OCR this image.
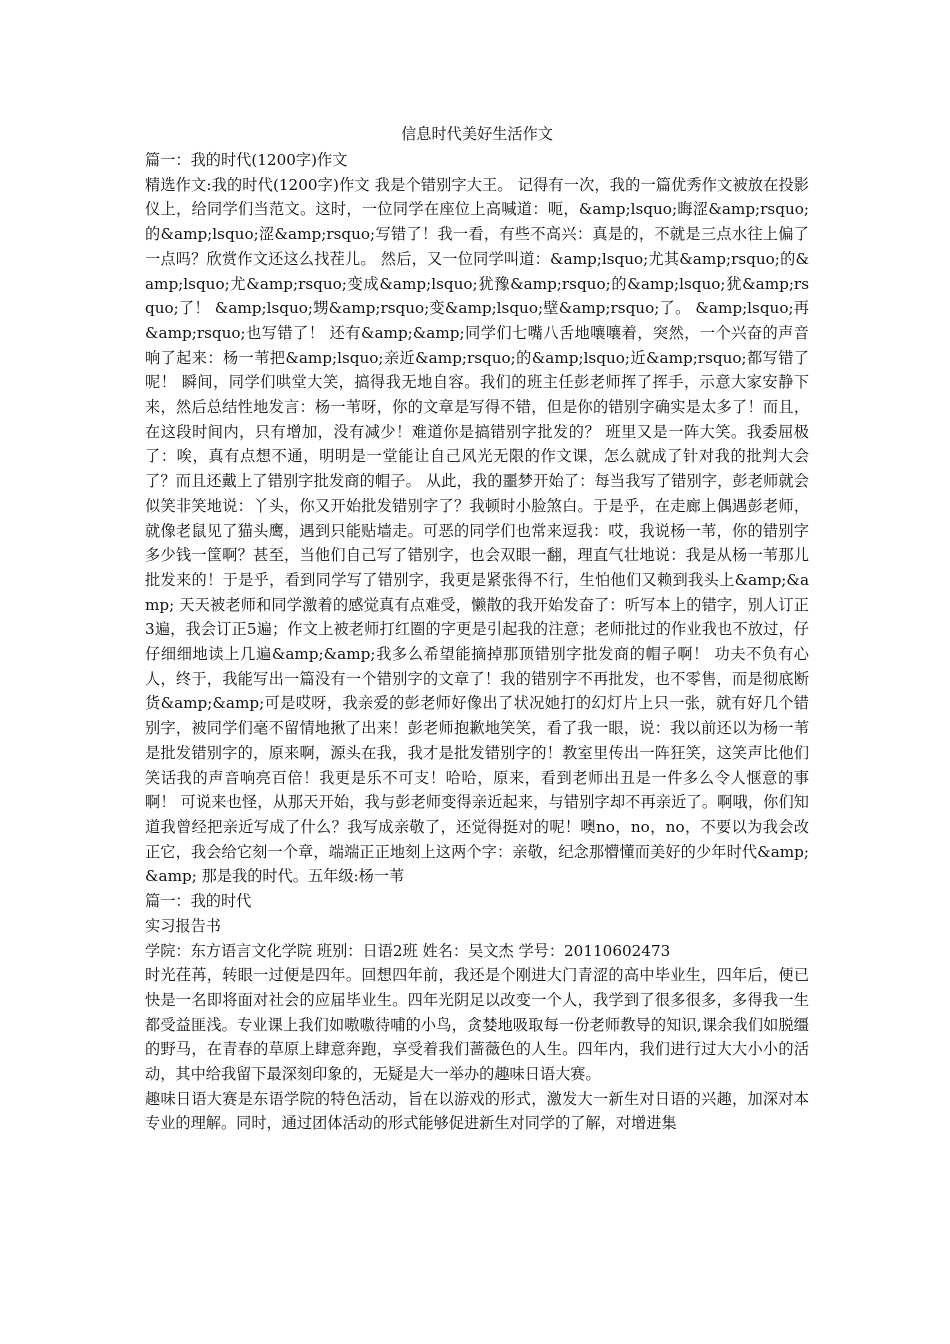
信息时代美好生活作文

篇一：我的时代(1200字)作文

精选作文:我的时代(1200字)作文 我是个错别字大王。 记得有一次，我的一篇优秀作文被放在投影仪上，给同学们当范文。这时，一位同学在座位上高喊道：呃，&amp;lsquo;晦涩&amp;rsquo;的&amp;lsquo;涩&amp;rsquo;写错了！我一看，有些不高兴：真是的，不就是三点水往上偏了一点吗？欣赏作文还这么找茬儿。 然后，又一位同学叫道：&amp;lsquo;尤其&amp;rsquo;的&amp;lsquo;尤&amp;rsquo;变成&amp;lsquo;犹豫&amp;rsquo;的&amp;lsquo;犹&amp;rsquo;了！ &amp;lsquo;甥&amp;rsquo;变&amp;lsquo;壁&amp;rsquo;了。 &amp;lsquo;再&amp;rsquo;也写错了！ 还有&amp;&amp;同学们七嘴八舌地嚷嚷着，突然，一个兴奋的声音响了起来：杨一苇把&amp;lsquo;亲近&amp;rsquo;的&amp;lsquo;近&amp;rsquo;都写错了呢！ 瞬间，同学们哄堂大笑，搞得我无地自容。我们的班主任彭老师挥了挥手，示意大家安静下来，然后总结性地发言：杨一苇呀，你的文章是写得不错，但是你的错别字确实是太多了！而且，在这段时间内，只有增加，没有减少！难道你是搞错别字批发的？ 班里又是一阵大笑。我委屈极了：唉，真有点想不通，明明是一堂能让自己风光无限的作文课，怎么就成了针对我的批判大会了？而且还戴上了错别字批发商的帽子。 从此，我的噩梦开始了：每当我写了错别字，彭老师就会似笑非笑地说：丫头，你又开始批发错别字了？我顿时小脸煞白。于是乎，在走廊上偶遇彭老师，就像老鼠见了猫头鹰，遇到只能贴墙走。可恶的同学们也常来逗我：哎，我说杨一苇，你的错别字多少钱一筐啊？甚至，当他们自己写了错别字，也会双眼一翻，理直气壮地说：我是从杨一苇那儿批发来的！于是乎，看到同学写了错别字，我更是紧张得不行，生怕他们又赖到我头上&amp;&amp; 天天被老师和同学激着的感觉真有点难受，懒散的我开始发奋了：听写本上的错字，别人订正3遍，我会订正5遍；作文上被老师打红圈的字更是引起我的注意；老师批过的作业我也不放过，仔仔细细地读上几遍&amp;&amp;我多么希望能摘掉那顶错别字批发商的帽子啊！ 功夫不负有心人，终于，我能写出一篇没有一个错别字的文章了！我的错别字不再批发，也不零售，而是彻底断货&amp;&amp;可是哎呀，我亲爱的彭老师好像出了状况她打的幻灯片上只一张，就有好几个错别字，被同学们毫不留情地揪了出来！彭老师抱歉地笑笑，看了我一眼，说：我以前还以为杨一苇是批发错别字的，原来啊，源头在我，我才是批发错别字的！教室里传出一阵狂笑，这笑声比他们笑话我的声音响亮百倍！我更是乐不可支！哈哈，原来，看到老师出丑是一件多么令人惬意的事啊！ 可说来也怪，从那天开始，我与彭老师变得亲近起来，与错别字却不再亲近了。啊哦，你们知道我曾经把亲近写成了什么？我写成亲敬了，还觉得挺对的呢！噢no，no，no，不要以为我会改正它，我会给它刻一个章，端端正正地刻上这两个字：亲敬，纪念那懵懂而美好的少年时代&amp;&amp; 那是我的时代。五年级:杨一苇

篇一：我的时代

实习报告书

学院：东方语言文化学院 班别：日语2班 姓名：吴文杰 学号：20110602473

时光荏苒，转眼一过便是四年。回想四年前，我还是个刚进大门青涩的高中毕业生，四年后，便已快是一名即将面对社会的应届毕业生。四年光阴足以改变一个人，我学到了很多很多，多得我一生都受益匪浅。专业课上我们如嗷嗷待哺的小鸟，贪婪地吸取每一份老师教导的知识,课余我们如脱缰的野马，在青春的草原上肆意奔跑，享受着我们蔷薇色的人生。四年内，我们进行过大大小小的活动，其中给我留下最深刻印象的，无疑是大一举办的趣味日语大赛。

趣味日语大赛是东语学院的特色活动，旨在以游戏的形式，激发大一新生对日语的兴趣，加深对本专业的理解。同时，通过团体活动的形式能够促进新生对同学的了解，对增进集
